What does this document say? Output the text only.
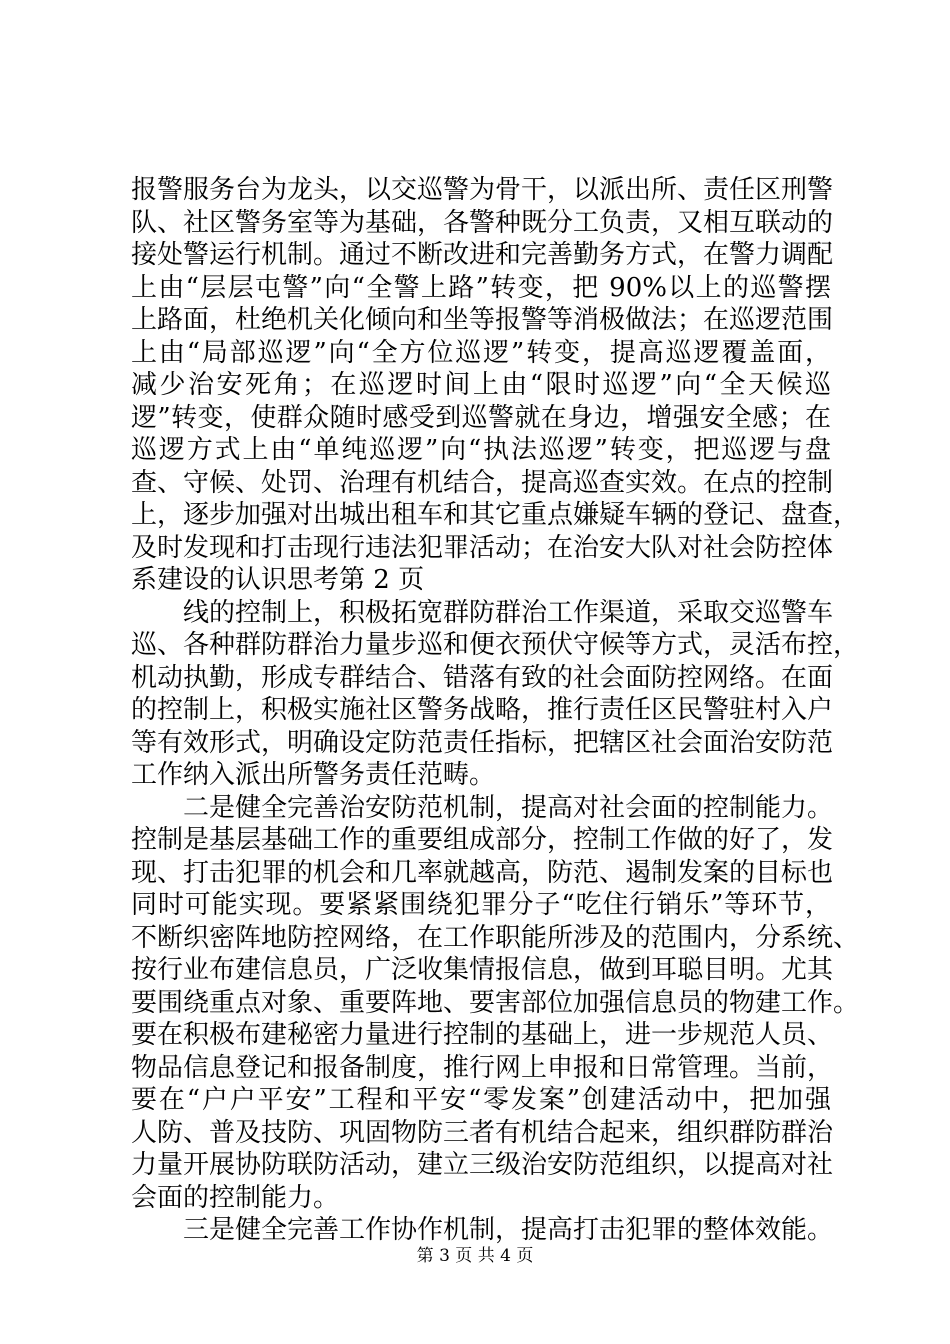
报警服务台为龙头，以交巡警为骨干，以派出所、责任区刑警
队、社区警务室等为基础，各警种既分工负责，又相互联动的
接处警运行机制。通过不断改进和完善勤务方式，在警力调配
上由“层层屯警”向“全警上路”转变，把 90%以上的巡警摆
上路面，杜绝机关化倾向和坐等报警等消极做法；在巡逻范围
上由“局部巡逻”向“全方位巡逻”转变，提高巡逻覆盖面，
减少治安死角；在巡逻时间上由“限时巡逻”向“全天候巡
逻”转变，使群众随时感受到巡警就在身边，增强安全感；在
巡逻方式上由“单纯巡逻”向“执法巡逻”转变，把巡逻与盘
查、守候、处罚、治理有机结合，提高巡查实效。在点的控制
上，逐步加强对出城出租车和其它重点嫌疑车辆的登记、盘查，
及时发现和打击现行违法犯罪活动；在治安大队对社会防控体
系建设的认识思考第 2 页
线的控制上，积极拓宽群防群治工作渠道，采取交巡警车
巡、各种群防群治力量步巡和便衣预伏守候等方式，灵活布控，
机动执勤，形成专群结合、错落有致的社会面防控网络。在面
的控制上，积极实施社区警务战略，推行责任区民警驻村入户
等有效形式，明确设定防范责任指标，把辖区社会面治安防范
工作纳入派出所警务责任范畴。
二是健全完善治安防范机制，提高对社会面的控制能力。
控制是基层基础工作的重要组成部分，控制工作做的好了，发
现、打击犯罪的机会和几率就越高，防范、遏制发案的目标也
同时可能实现。要紧紧围绕犯罪分子“吃住行销乐”等环节，
不断织密阵地防控网络，在工作职能所涉及的范围内，分系统、
按行业布建信息员，广泛收集情报信息，做到耳聪目明。尤其
要围绕重点对象、重要阵地、要害部位加强信息员的物建工作。
要在积极布建秘密力量进行控制的基础上，进一步规范人员、
物品信息登记和报备制度，推行网上申报和日常管理。当前，
要在“户户平安”工程和平安“零发案”创建活动中，把加强
人防、普及技防、巩固物防三者有机结合起来，组织群防群治
力量开展协防联防活动，建立三级治安防范组织，以提高对社
会面的控制能力。
三是健全完善工作协作机制，提高打击犯罪的整体效能。
第 3 页 共 4 页
